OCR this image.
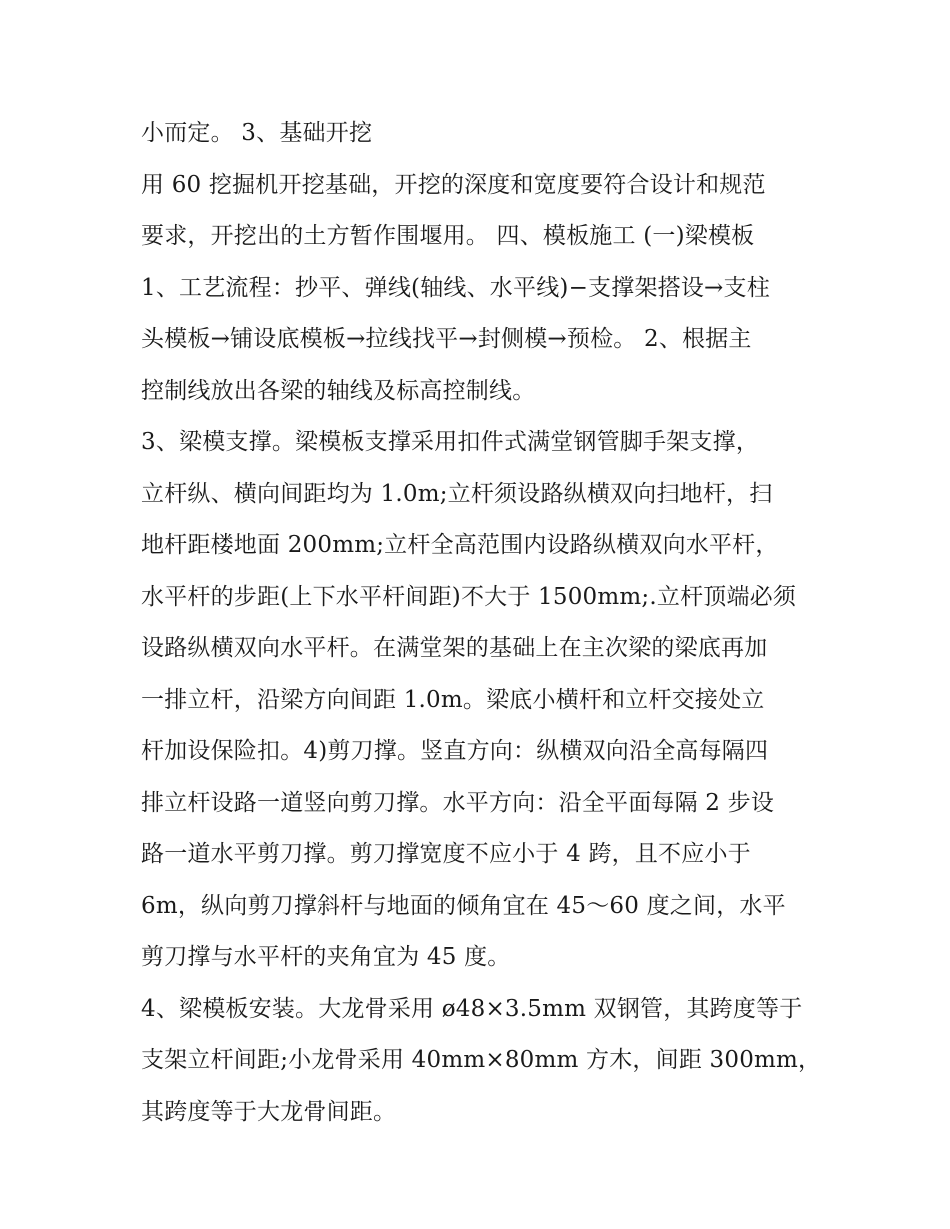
小而定。 3、基础开挖
用 60 挖掘机开挖基础，开挖的深度和宽度要符合设计和规范
要求，开挖出的土方暂作围堰用。 四、模板施工 (一)梁模板
1、工艺流程：抄平、弹线(轴线、水平线)−支撑架搭设→支柱
头模板→铺设底模板→拉线找平→封侧模→预检。 2、根据主
控制线放出各梁的轴线及标高控制线。
3、梁模支撑。梁模板支撑采用扣件式满堂钢管脚手架支撑，
立杆纵、横向间距均为 1.0m;立杆须设路纵横双向扫地杆，扫
地杆距楼地面 200mm;立杆全高范围内设路纵横双向水平杆，
水平杆的步距(上下水平杆间距)不大于 1500mm;.立杆顶端必须
设路纵横双向水平杆。在满堂架的基础上在主次梁的梁底再加
一排立杆，沿梁方向间距 1.0m。梁底小横杆和立杆交接处立
杆加设保险扣。4)剪刀撑。竖直方向：纵横双向沿全高每隔四
排立杆设路一道竖向剪刀撑。水平方向：沿全平面每隔 2 步设
路一道水平剪刀撑。剪刀撑宽度不应小于 4 跨，且不应小于
6m，纵向剪刀撑斜杆与地面的倾角宜在 45～60 度之间，水平
剪刀撑与水平杆的夹角宜为 45 度。
4、梁模板安装。大龙骨采用 ø48×3.5mm 双钢管，其跨度等于
支架立杆间距;小龙骨采用 40mm×80mm 方木，间距 300mm，
其跨度等于大龙骨间距。
